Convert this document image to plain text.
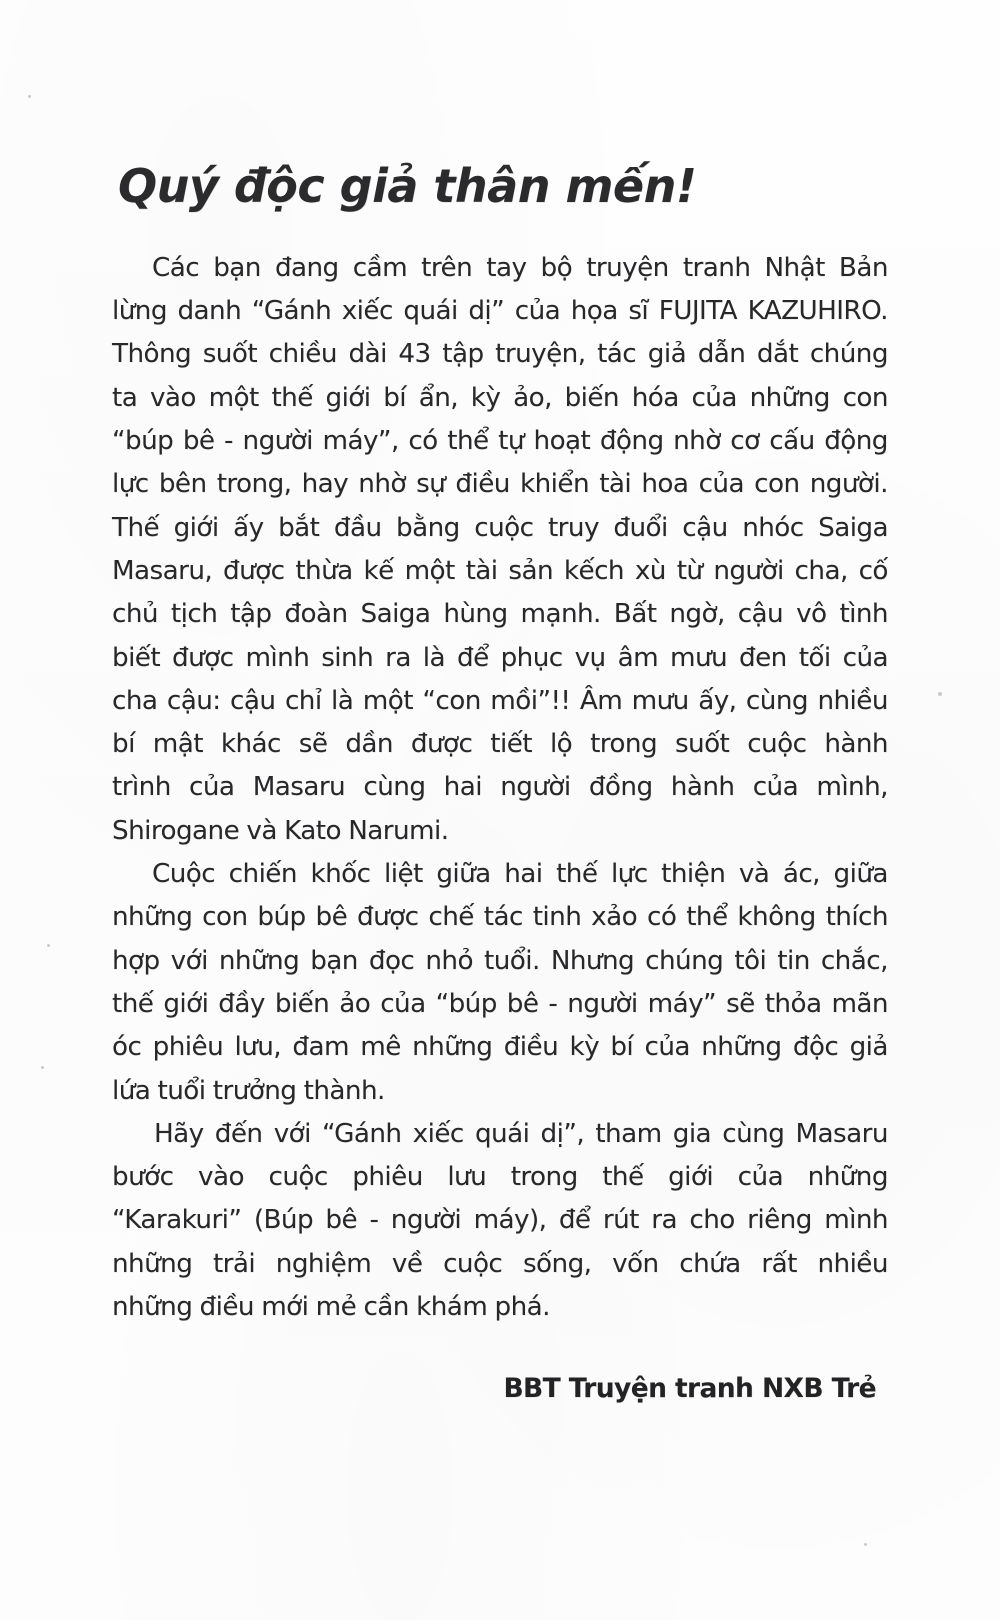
Quý độc giả thân mến!

Các bạn đang cầm trên tay bộ truyện tranh Nhật Bản
lừng danh “Gánh xiếc quái dị” của họa sĩ FUJITA KAZUHIRO.
Thông suốt chiều dài 43 tập truyện, tác giả dẫn dắt chúng
ta vào một thế giới bí ẩn, kỳ ảo, biến hóa của những con
“búp bê - người máy”, có thể tự hoạt động nhờ cơ cấu động
lực bên trong, hay nhờ sự điều khiển tài hoa của con người.

Thế giới ấy bắt đầu bằng cuộc truy đuổi cậu nhóc Saiga
Masaru, được thừa kế một tài sản kếch xù từ người cha, cố
chủ tịch tập đoàn Saiga hùng mạnh. Bất ngờ, cậu vô tình
biết được mình sinh ra là để phục vụ âm mưu đen tối của
cha cậu: cậu chỉ là một “con mồi”!! Âm mưu ấy, cùng nhiều
bí mật khác sẽ dần được tiết lộ trong suốt cuộc hành
trình của Masaru cùng hai người đồng hành của mình,
Shirogane và Kato Narumi.

Cuộc chiến khốc liệt giữa hai thế lực thiện và ác, giữa
những con búp bê được chế tác tinh xảo có thể không thích
hợp với những bạn đọc nhỏ tuổi. Nhưng chúng tôi tin chắc,
thế giới đầy biến ảo của “búp bê - người máy” sẽ thỏa mãn
óc phiêu lưu, đam mê những điều kỳ bí của những độc giả
lứa tuổi trưởng thành.

Hãy đến với “Gánh xiếc quái dị”, tham gia cùng Masaru
bước vào cuộc phiêu lưu trong thế giới của những
“Karakuri” (Búp bê - người máy), để rút ra cho riêng mình
những trải nghiệm về cuộc sống, vốn chứa rất nhiều
những điều mới mẻ cần khám phá.

BBT Truyện tranh NXB Trẻ
